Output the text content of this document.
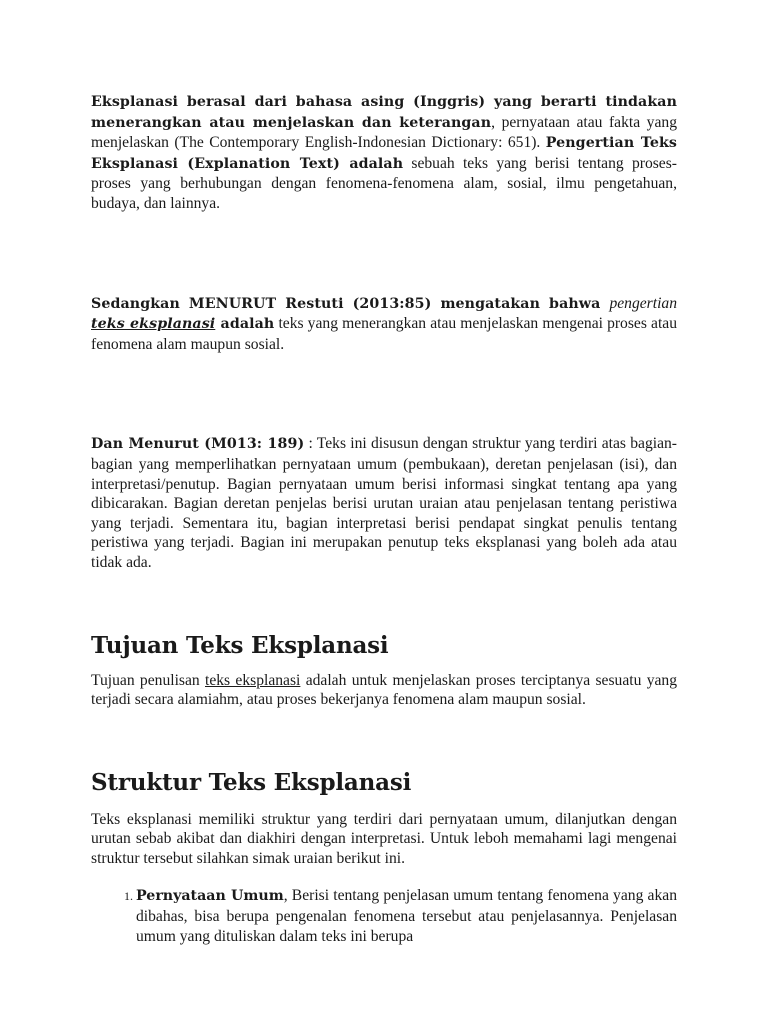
Eksplanasi berasal dari bahasa asing (Inggris) yang berarti tindakan menerangkan atau menjelaskan dan keterangan, pernyataan atau fakta yang menjelaskan (The Contemporary English-Indonesian Dictionary: 651). Pengertian Teks Eksplanasi (Explanation Text) adalah sebuah teks yang berisi tentang proses-proses yang berhubungan dengan fenomena-fenomena alam, sosial, ilmu pengetahuan, budaya, dan lainnya.

Sedangkan MENURUT Restuti (2013:85) mengatakan bahwa pengertian teks eksplanasi adalah teks yang menerangkan atau menjelaskan mengenai proses atau fenomena alam maupun sosial.

Dan Menurut (M013: 189) : Teks ini disusun dengan struktur yang terdiri atas bagian-bagian yang memperlihatkan pernyataan umum (pembukaan), deretan penjelasan (isi), dan interpretasi/penutup. Bagian pernyataan umum berisi informasi singkat tentang apa yang dibicarakan. Bagian deretan penjelas berisi urutan uraian atau penjelasan tentang peristiwa yang terjadi. Sementara itu, bagian interpretasi berisi pendapat singkat penulis tentang peristiwa yang terjadi. Bagian ini merupakan penutup teks eksplanasi yang boleh ada atau tidak ada.

Tujuan Teks Eksplanasi

Tujuan penulisan teks eksplanasi adalah untuk menjelaskan proses terciptanya sesuatu yang terjadi secara alamiahm, atau proses bekerjanya fenomena alam maupun sosial.

Struktur Teks Eksplanasi

Teks eksplanasi memiliki struktur yang terdiri dari pernyataan umum, dilanjutkan dengan urutan sebab akibat dan diakhiri dengan interpretasi. Untuk leboh memahami lagi mengenai struktur tersebut silahkan simak uraian berikut ini.

1. Pernyataan Umum, Berisi tentang penjelasan umum tentang fenomena yang akan dibahas, bisa berupa pengenalan fenomena tersebut atau penjelasannya. Penjelasan umum yang dituliskan dalam teks ini berupa
